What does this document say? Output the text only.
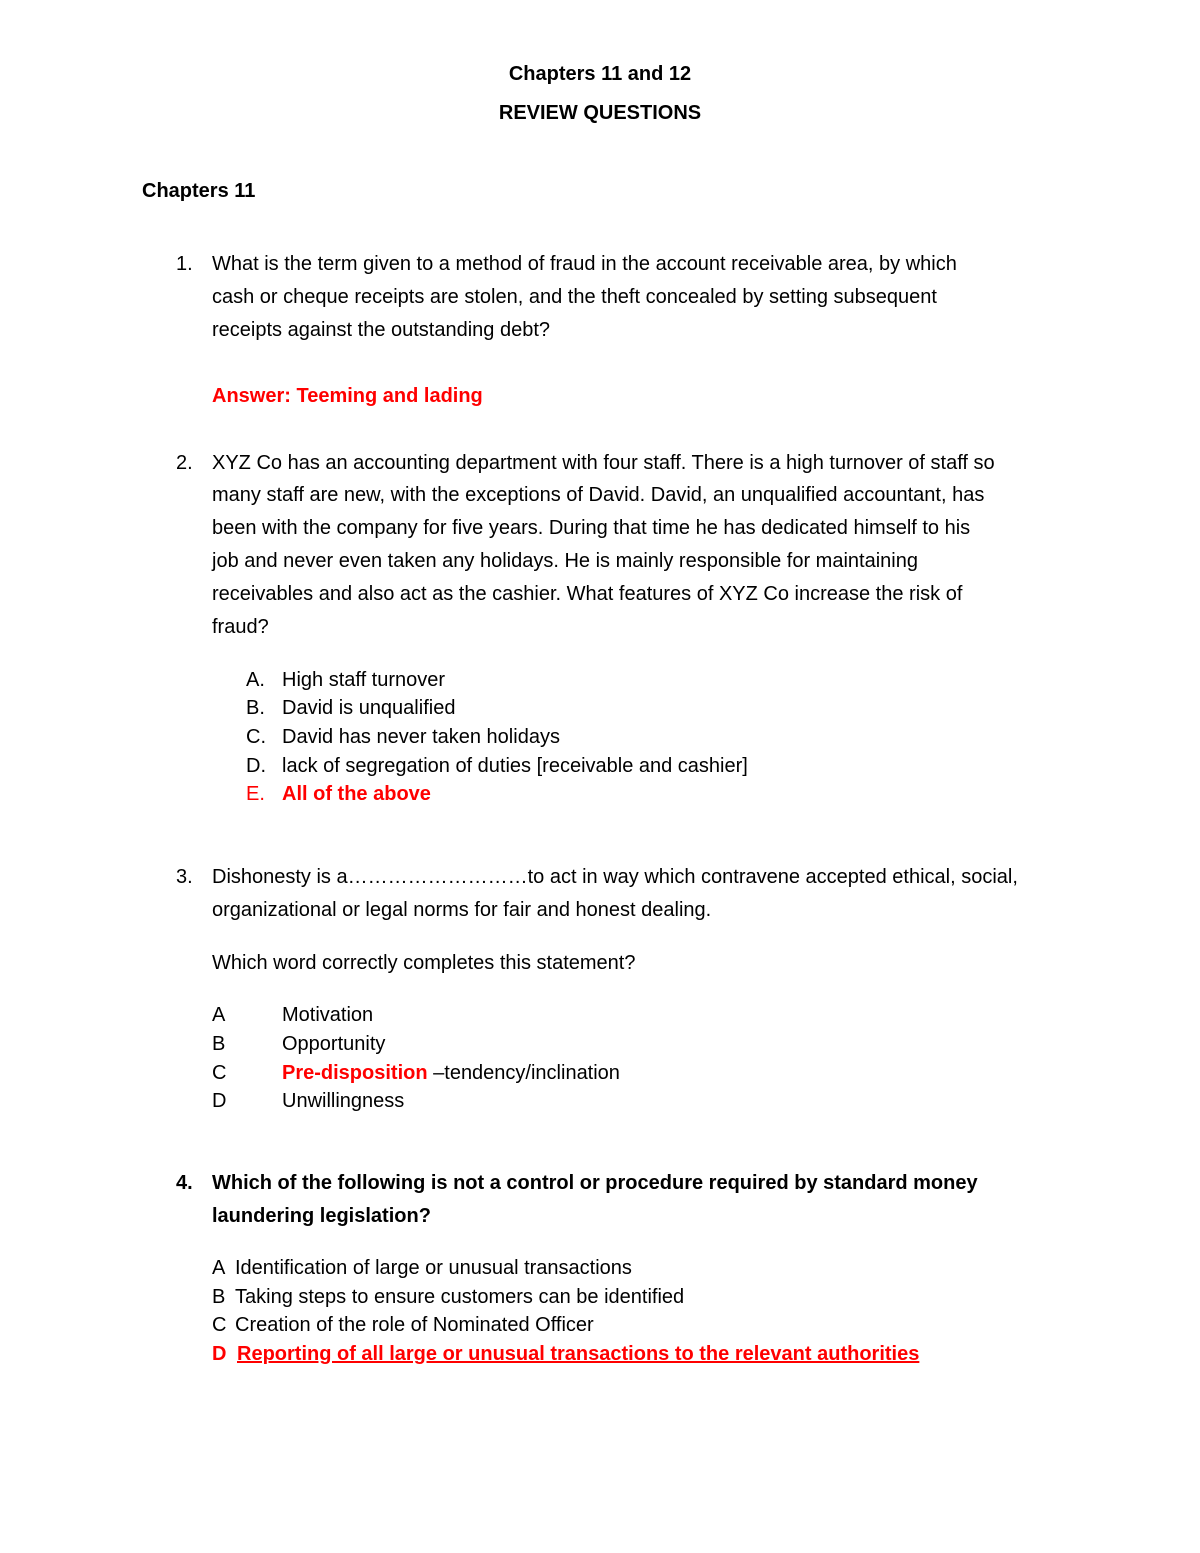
Chapters 11 and 12
REVIEW QUESTIONS
Chapters 11
1. What is the term given to a method of fraud in the account receivable area, by which
cash or cheque receipts are stolen, and the theft concealed by setting subsequent
receipts against the outstanding debt?
Answer: Teeming and lading
2. XYZ Co has an accounting department with four staff. There is a high turnover of staff so
many staff are new, with the exceptions of David. David, an unqualified accountant, has
been with the company for five years. During that time he has dedicated himself to his
job and never even taken any holidays. He is mainly responsible for maintaining
receivables and also act as the cashier. What features of XYZ Co increase the risk of
fraud?
A. High staff turnover
B. David is unqualified
C. David has never taken holidays
D. lack of segregation of duties [receivable and cashier]
E. All of the above
3. Dishonesty is a………………………to act in way which contravene accepted ethical, social,
organizational or legal norms for fair and honest dealing.
Which word correctly completes this statement?
A	Motivation
B	Opportunity
C	Pre-disposition –tendency/inclination
D	Unwillingness
4. Which of the following is not a control or procedure required by standard money
laundering legislation?
A Identification of large or unusual transactions
B Taking steps to ensure customers can be identified
C Creation of the role of Nominated Officer
D Reporting of all large or unusual transactions to the relevant authorities
